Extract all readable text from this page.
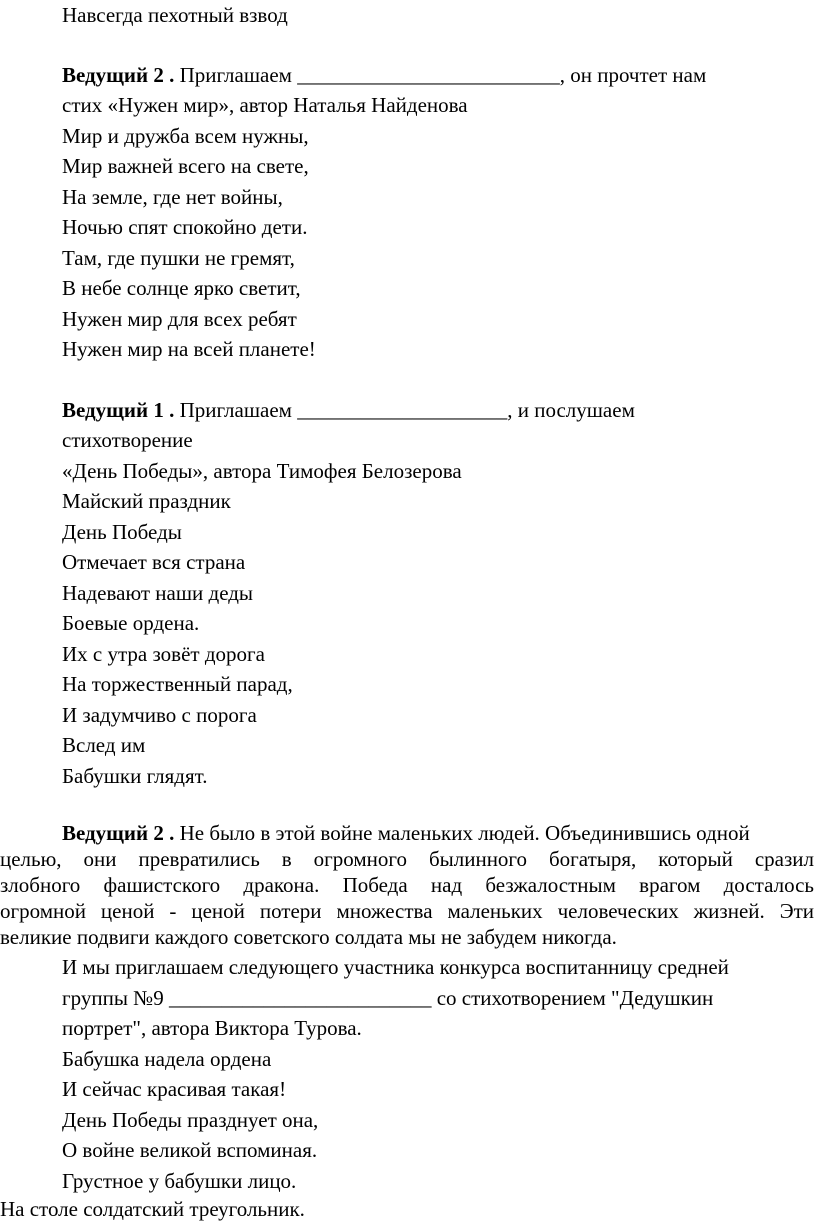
Навсегда пехотный взвод
Ведущий 2 . Приглашаем _________________________, он прочтет нам
стих «Нужен мир», автор Наталья Найденова
Мир и дружба всем нужны,
Мир важней всего на свете,
На земле, где нет войны,
Ночью спят спокойно дети.
Там, где пушки не гремят,
В небе солнце ярко светит,
Нужен мир для всех ребят
Нужен мир на всей планете!
Ведущий 1 . Приглашаем ____________________, и послушаем
стихотворение
«День Победы», автора Тимофея Белозерова
Майский праздник
День Победы
Отмечает вся страна
Надевают наши деды
Боевые ордена.
Их с утра зовёт дорога
На торжественный парад,
И задумчиво с порога
Вслед им
Бабушки глядят.
Ведущий 2 . Не было в этой войне маленьких людей. Объединившись одной
целью, они превратились в огромного былинного богатыря, который сразил
злобного фашистского дракона. Победа над безжалостным врагом досталось
огромной ценой - ценой потери множества маленьких человеческих жизней. Эти
великие подвиги каждого советского солдата мы не забудем никогда.
И мы приглашаем следующего участника конкурса воспитанницу средней
группы №9 _________________________ со стихотворением "Дедушкин
портрет", автора Виктора Турова.
Бабушка надела ордена
И сейчас красивая такая!
День Победы празднует она,
О войне великой вспоминая.
Грустное у бабушки лицо.
На столе солдатский треугольник.
